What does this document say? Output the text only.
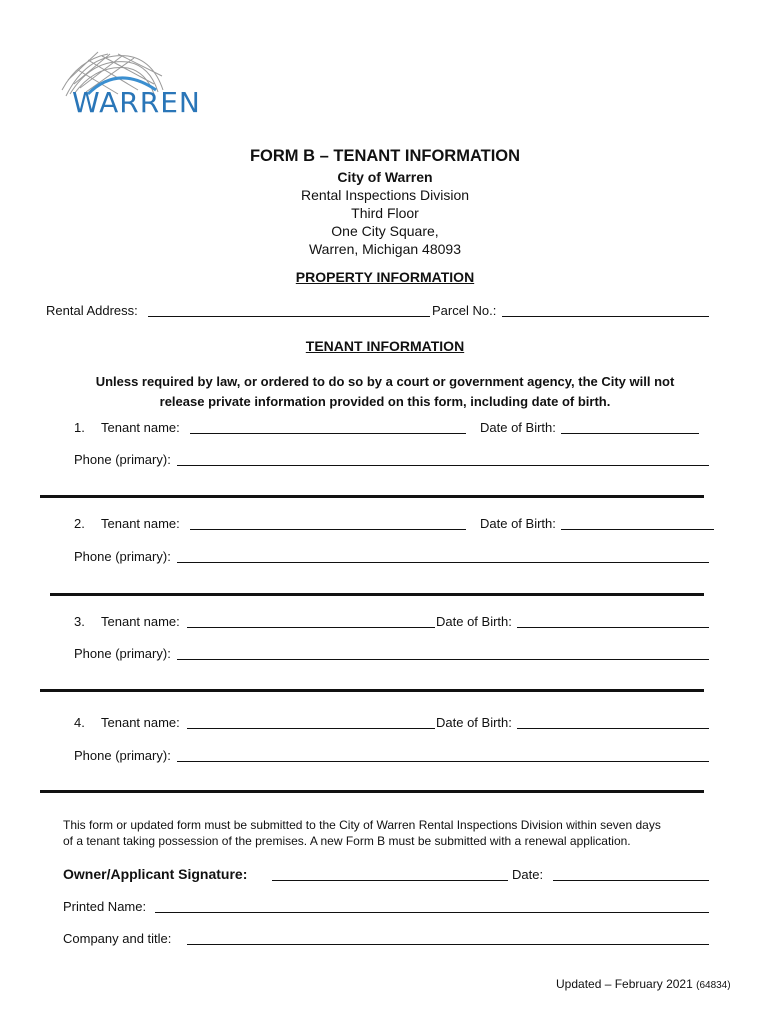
WARREN
FORM B – TENANT INFORMATION
City of Warren
Rental Inspections Division
Third Floor
One City Square,
Warren, Michigan 48093
PROPERTY INFORMATION
Rental Address:	Parcel No.:
TENANT INFORMATION
Unless required by law, or ordered to do so by a court or government agency, the City will not
release private information provided on this form, including date of birth.
1. Tenant name:	Date of Birth:
Phone (primary):
2. Tenant name:	Date of Birth:
Phone (primary):
3. Tenant name:	Date of Birth:
Phone (primary):
4. Tenant name:	Date of Birth:
Phone (primary):
This form or updated form must be submitted to the City of Warren Rental Inspections Division within seven days
of a tenant taking possession of the premises. A new Form B must be submitted with a renewal application.
Owner/Applicant Signature:	Date:
Printed Name:
Company and title:
Updated – February 2021 (64834)
